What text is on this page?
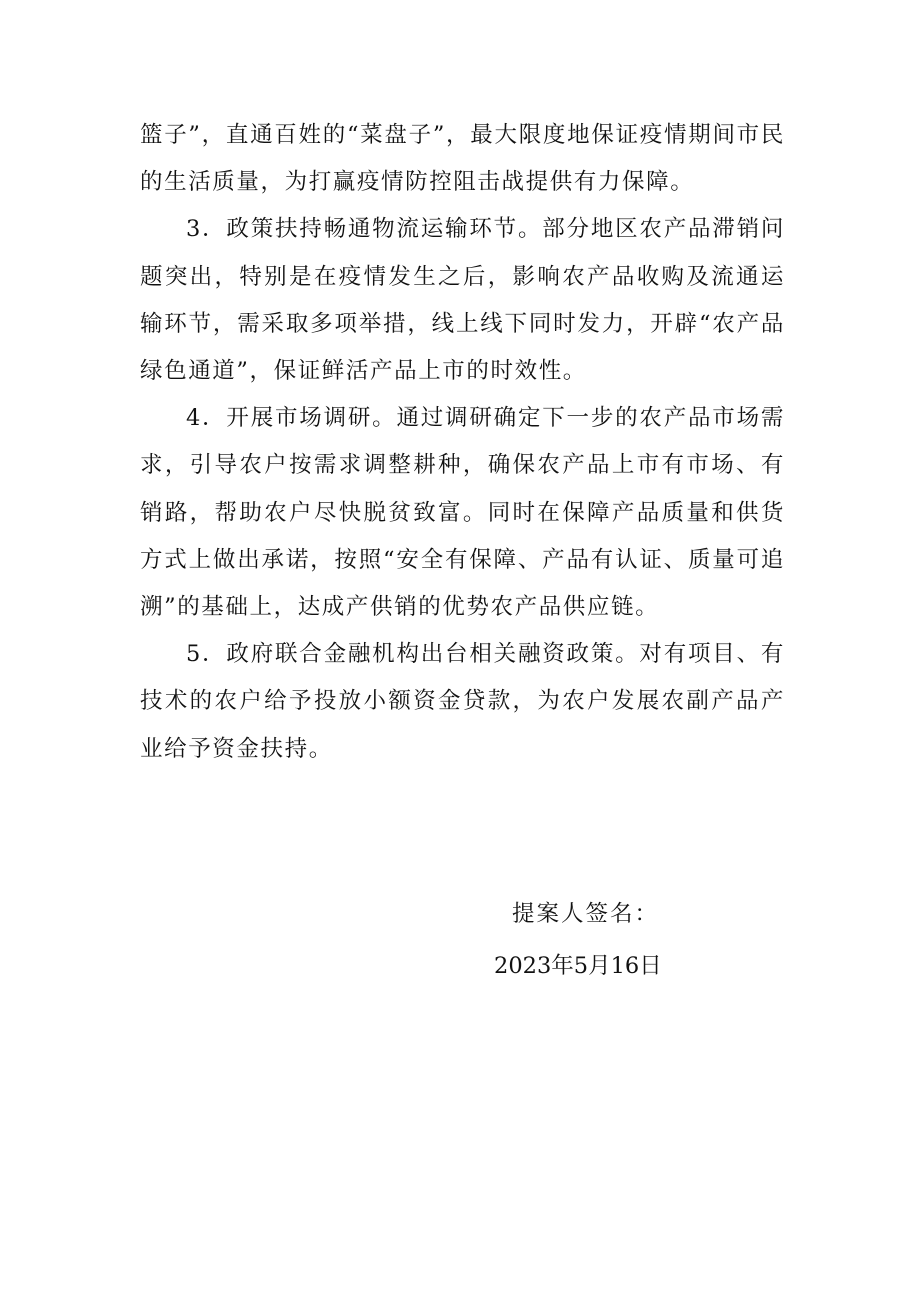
篮子”，直通百姓的“菜盘子”，最大限度地保证疫情期间市民的生活质量，为打赢疫情防控阻击战提供有力保障。

3．政策扶持畅通物流运输环节。部分地区农产品滞销问题突出，特别是在疫情发生之后，影响农产品收购及流通运输环节，需采取多项举措，线上线下同时发力，开辟“农产品绿色通道”，保证鲜活产品上市的时效性。

4．开展市场调研。通过调研确定下一步的农产品市场需求，引导农户按需求调整耕种，确保农产品上市有市场、有销路，帮助农户尽快脱贫致富。同时在保障产品质量和供货方式上做出承诺，按照“安全有保障、产品有认证、质量可追溯”的基础上，达成产供销的优势农产品供应链。

5．政府联合金融机构出台相关融资政策。对有项目、有技术的农户给予投放小额资金贷款，为农户发展农副产品产业给予资金扶持。

提案人签名：
2023年5月16日
